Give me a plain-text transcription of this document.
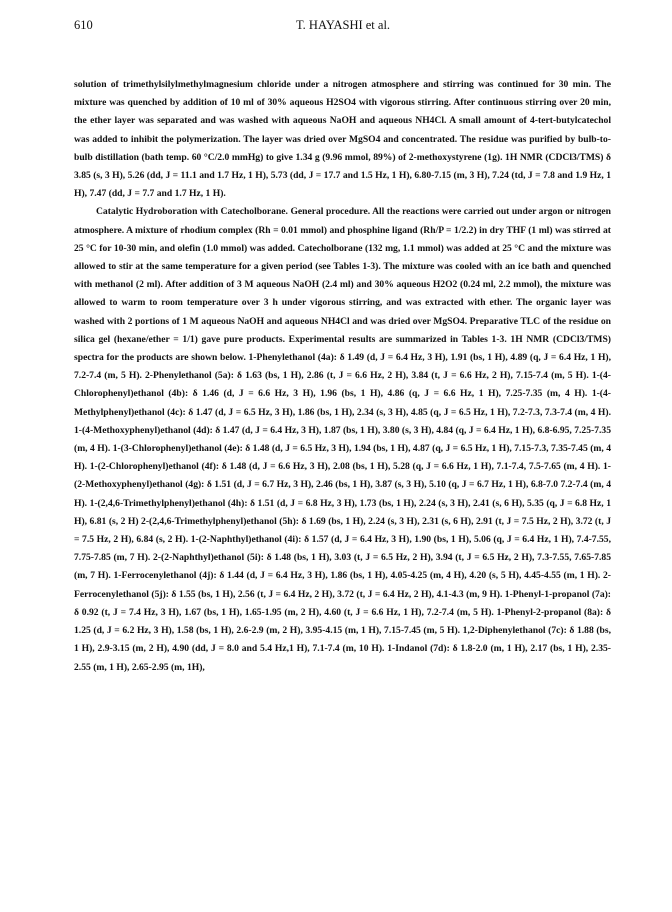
610	T. HAYASHI et al.

solution of trimethylsilylmethylmagnesium chloride under a nitrogen atmosphere and stirring was continued for 30 min. The mixture was quenched by addition of 10 ml of 30% aqueous H2SO4 with vigorous stirring. After continuous stirring over 20 min, the ether layer was separated and was washed with aqueous NaOH and aqueous NH4Cl. A small amount of 4-tert-butylcatechol was added to inhibit the polymerization. The layer was dried over MgSO4 and concentrated. The residue was purified by bulb-to-bulb distillation (bath temp. 60 °C/2.0 mmHg) to give 1.34 g (9.96 mmol, 89%) of 2-methoxystyrene (1g). 1H NMR (CDCl3/TMS) δ 3.85 (s, 3 H), 5.26 (dd, J = 11.1 and 1.7 Hz, 1 H), 5.73 (dd, J = 17.7 and 1.5 Hz, 1 H), 6.80-7.15 (m, 3 H), 7.24 (td, J = 7.8 and 1.9 Hz, 1 H), 7.47 (dd, J = 7.7 and 1.7 Hz, 1 H).

Catalytic Hydroboration with Catecholborane. General procedure. All the reactions were carried out under argon or nitrogen atmosphere. A mixture of rhodium complex (Rh = 0.01 mmol) and phosphine ligand (Rh/P = 1/2.2) in dry THF (1 ml) was stirred at 25 °C for 10-30 min, and olefin (1.0 mmol) was added. Catecholborane (132 mg, 1.1 mmol) was added at 25 °C and the mixture was allowed to stir at the same temperature for a given period (see Tables 1-3). The mixture was cooled with an ice bath and quenched with methanol (2 ml). After addition of 3 M aqueous NaOH (2.4 ml) and 30% aqueous H2O2 (0.24 ml, 2.2 mmol), the mixture was allowed to warm to room temperature over 3 h under vigorous stirring, and was extracted with ether. The organic layer was washed with 2 portions of 1 M aqueous NaOH and aqueous NH4Cl and was dried over MgSO4. Preparative TLC of the residue on silica gel (hexane/ether = 1/1) gave pure products. Experimental results are summarized in Tables 1-3. 1H NMR (CDCl3/TMS) spectra for the products are shown below. 1-Phenylethanol (4a): δ 1.49 (d, J = 6.4 Hz, 3 H), 1.91 (bs, 1 H), 4.89 (q, J = 6.4 Hz, 1 H), 7.2-7.4 (m, 5 H). 2-Phenylethanol (5a): δ 1.63 (bs, 1 H), 2.86 (t, J = 6.6 Hz, 2 H), 3.84 (t, J = 6.6 Hz, 2 H), 7.15-7.4 (m, 5 H). 1-(4-Chlorophenyl)ethanol (4b): δ 1.46 (d, J = 6.6 Hz, 3 H), 1.96 (bs, 1 H), 4.86 (q, J = 6.6 Hz, 1 H), 7.25-7.35 (m, 4 H). 1-(4-Methylphenyl)ethanol (4c): δ 1.47 (d, J = 6.5 Hz, 3 H), 1.86 (bs, 1 H), 2.34 (s, 3 H), 4.85 (q, J = 6.5 Hz, 1 H), 7.2-7.3, 7.3-7.4 (m, 4 H). 1-(4-Methoxyphenyl)ethanol (4d): δ 1.47 (d, J = 6.4 Hz, 3 H), 1.87 (bs, 1 H), 3.80 (s, 3 H), 4.84 (q, J = 6.4 Hz, 1 H), 6.8-6.95, 7.25-7.35 (m, 4 H). 1-(3-Chlorophenyl)ethanol (4e): δ 1.48 (d, J = 6.5 Hz, 3 H), 1.94 (bs, 1 H), 4.87 (q, J = 6.5 Hz, 1 H), 7.15-7.3, 7.35-7.45 (m, 4 H). 1-(2-Chlorophenyl)ethanol (4f): δ 1.48 (d, J = 6.6 Hz, 3 H), 2.08 (bs, 1 H), 5.28 (q, J = 6.6 Hz, 1 H), 7.1-7.4, 7.5-7.65 (m, 4 H). 1-(2-Methoxyphenyl)ethanol (4g): δ 1.51 (d, J = 6.7 Hz, 3 H), 2.46 (bs, 1 H), 3.87 (s, 3 H), 5.10 (q, J = 6.7 Hz, 1 H), 6.8-7.0 7.2-7.4 (m, 4 H). 1-(2,4,6-Trimethylphenyl)ethanol (4h): δ 1.51 (d, J = 6.8 Hz, 3 H), 1.73 (bs, 1 H), 2.24 (s, 3 H), 2.41 (s, 6 H), 5.35 (q, J = 6.8 Hz, 1 H), 6.81 (s, 2 H) 2-(2,4,6-Trimethylphenyl)ethanol (5h): δ 1.69 (bs, 1 H), 2.24 (s, 3 H), 2.31 (s, 6 H), 2.91 (t, J = 7.5 Hz, 2 H), 3.72 (t, J = 7.5 Hz, 2 H), 6.84 (s, 2 H). 1-(2-Naphthyl)ethanol (4i): δ 1.57 (d, J = 6.4 Hz, 3 H), 1.90 (bs, 1 H), 5.06 (q, J = 6.4 Hz, 1 H), 7.4-7.55, 7.75-7.85 (m, 7 H). 2-(2-Naphthyl)ethanol (5i): δ 1.48 (bs, 1 H), 3.03 (t, J = 6.5 Hz, 2 H), 3.94 (t, J = 6.5 Hz, 2 H), 7.3-7.55, 7.65-7.85 (m, 7 H). 1-Ferrocenylethanol (4j): δ 1.44 (d, J = 6.4 Hz, 3 H), 1.86 (bs, 1 H), 4.05-4.25 (m, 4 H), 4.20 (s, 5 H), 4.45-4.55 (m, 1 H). 2-Ferrocenylethanol (5j): δ 1.55 (bs, 1 H), 2.56 (t, J = 6.4 Hz, 2 H), 3.72 (t, J = 6.4 Hz, 2 H), 4.1-4.3 (m, 9 H). 1-Phenyl-1-propanol (7a): δ 0.92 (t, J = 7.4 Hz, 3 H), 1.67 (bs, 1 H), 1.65-1.95 (m, 2 H), 4.60 (t, J = 6.6 Hz, 1 H), 7.2-7.4 (m, 5 H). 1-Phenyl-2-propanol (8a): δ 1.25 (d, J = 6.2 Hz, 3 H), 1.58 (bs, 1 H), 2.6-2.9 (m, 2 H), 3.95-4.15 (m, 1 H), 7.15-7.45 (m, 5 H). 1,2-Diphenylethanol (7c): δ 1.88 (bs, 1 H), 2.9-3.15 (m, 2 H), 4.90 (dd, J = 8.0 and 5.4 Hz,1 H), 7.1-7.4 (m, 10 H). 1-Indanol (7d): δ 1.8-2.0 (m, 1 H), 2.17 (bs, 1 H), 2.35-2.55 (m, 1 H), 2.65-2.95 (m, 1H),
